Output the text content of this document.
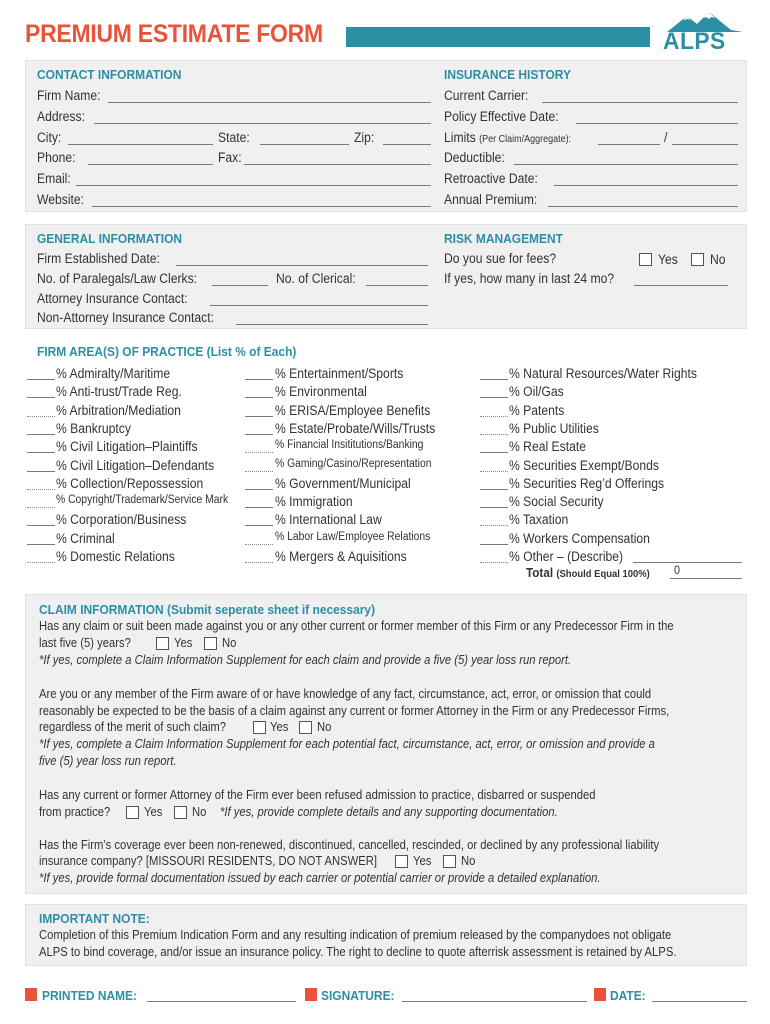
PREMIUM ESTIMATE FORM	ALPS
CONTACT INFORMATION
Firm Name:
Address:
City:	State:	Zip:
Phone:	Fax:
Email:
Website:
INSURANCE HISTORY
Current Carrier:
Policy Effective Date:
Limits (Per Claim/Aggregate):	/
Deductible:
Retroactive Date:
Annual Premium:
GENERAL INFORMATION
Firm Established Date:
No. of Paralegals/Law Clerks:	No. of Clerical:
Attorney Insurance Contact:
Non-Attorney Insurance Contact:
RISK MANAGEMENT
Do you sue for fees?	Yes No
If yes, how many in last 24 mo?
FIRM AREA(S) OF PRACTICE (List % of Each)
Total (Should Equal 100%) 0
CLAIM INFORMATION (Submit seperate sheet if necessary)
Has any claim or suit been made against you or any other current or former member of this Firm or any Predecessor Firm in the
last five (5) years?	Yes No
*If yes, complete a Claim Information Supplement for each claim and provide a five (5) year loss run report.
Are you or any member of the Firm aware of or have knowledge of any fact, circumstance, act, error, or omission that could
reasonably be expected to be the basis of a claim against any current or former Attorney in the Firm or any Predecessor Firms,
regardless of the merit of such claim?	Yes No
*If yes, complete a Claim Information Supplement for each potential fact, circumstance, act, error, or omission and provide a
five (5) year loss run report.
Has any current or former Attorney of the Firm ever been refused admission to practice, disbarred or suspended
from practice?	Yes No *If yes, provide complete details and any supporting documentation.
Has the Firm’s coverage ever been non-renewed, discontinued, cancelled, rescinded, or declined by any professional liability
insurance company? [MISSOURI RESIDENTS, DO NOT ANSWER]	Yes No
*If yes, provide formal documentation issued by each carrier or potential carrier or provide a detailed explanation.
IMPORTANT NOTE:
Completion of this Premium Indication Form and any resulting indication of premium released by the companydoes not obligate
ALPS to bind coverage, and/or issue an insurance policy. The right to decline to quote afterrisk assessment is retained by ALPS.
PRINTED NAME:	SIGNATURE:	DATE:
% Admiralty/Maritime
% Anti-trust/Trade Reg.
% Arbitration/Mediation
% Bankruptcy
% Civil Litigation–Plaintiffs
% Civil Litigation–Defendants
% Collection/Repossession
% Copyright/Trademark/Service Mark
% Corporation/Business
% Criminal
% Domestic Relations
% Entertainment/Sports
% Environmental
% ERISA/Employee Benefits
% Estate/Probate/Wills/Trusts
% Financial Insititutions/Banking
% Gaming/Casino/Representation
% Government/Municipal
% Immigration
% International Law
% Labor Law/Employee Relations
% Mergers & Aquisitions
% Natural Resources/Water Rights
% Oil/Gas
% Patents
% Public Utilities
% Real Estate
% Securities Exempt/Bonds
% Securities Reg’d Offerings
% Social Security
% Taxation
% Workers Compensation
% Other – (Describe)
